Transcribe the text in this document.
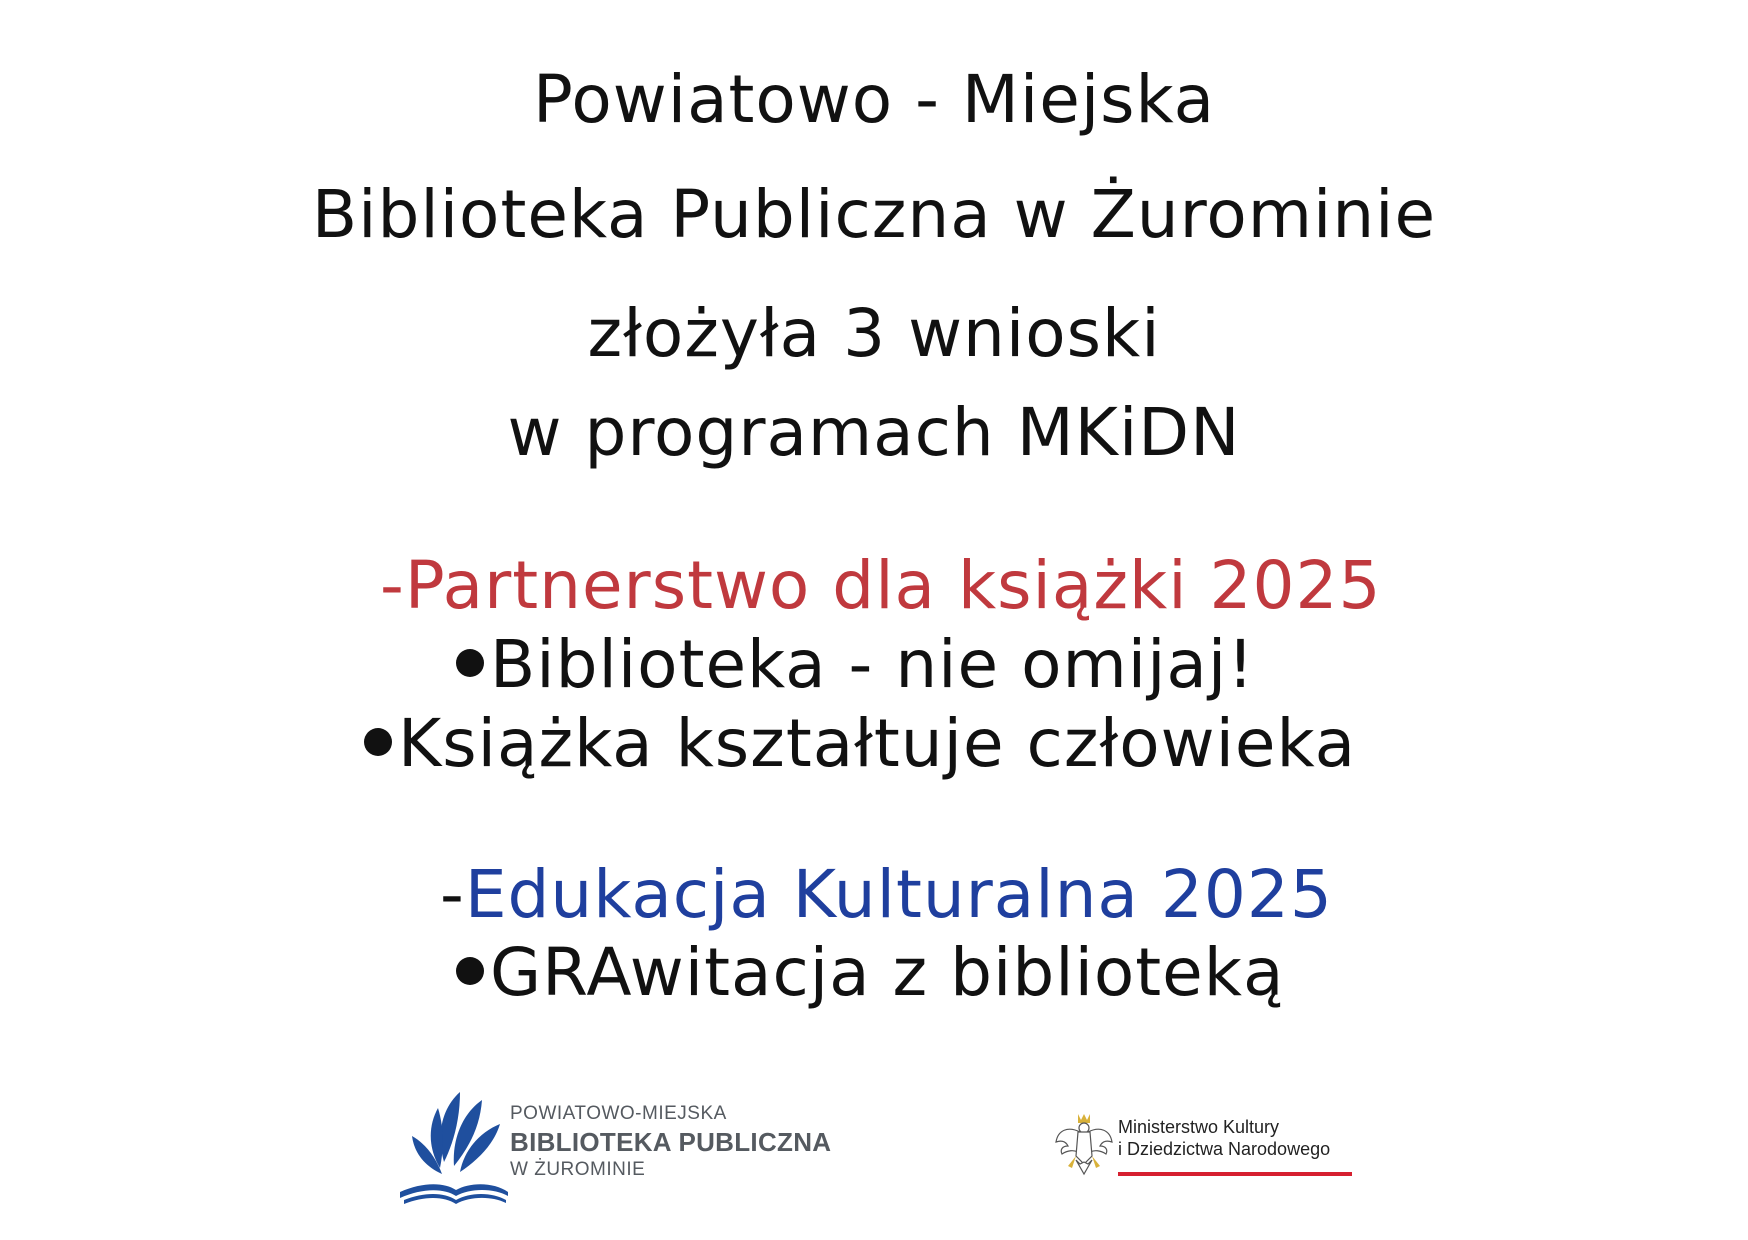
Powiatowo - Miejska
Biblioteka Publiczna w Żurominie
złożyła 3 wnioski
w programach MKiDN
-Partnerstwo dla książki 2025
Biblioteka - nie omijaj!
Książka kształtuje człowieka
-Edukacja Kulturalna 2025
GRAwitacja z biblioteką
POWIATOWO-MIEJSKA
BIBLIOTEKA PUBLICZNA
W ŻUROMINIE
Ministerstwo Kultury
i Dziedzictwa Narodowego
